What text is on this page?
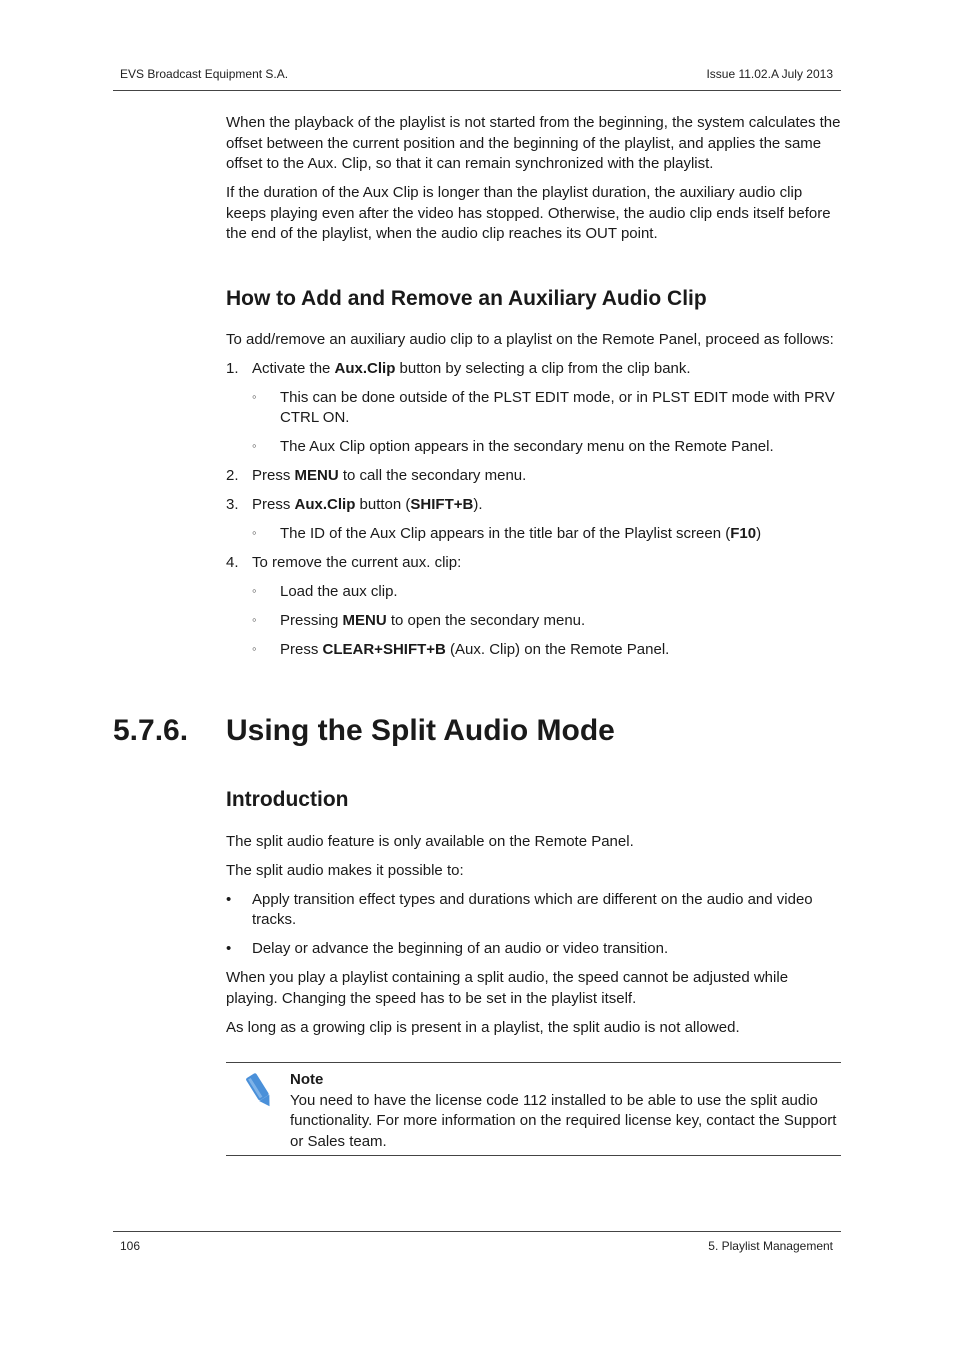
EVS Broadcast Equipment S.A.	Issue 11.02.A July 2013

When the playback of the playlist is not started from the beginning, the system calculates the offset between the current position and the beginning of the playlist, and applies the same offset to the Aux. Clip, so that it can remain synchronized with the playlist.

If the duration of the Aux Clip is longer than the playlist duration, the auxiliary audio clip keeps playing even after the video has stopped. Otherwise, the audio clip ends itself before the end of the playlist, when the audio clip reaches its OUT point.

How to Add and Remove an Auxiliary Audio Clip

To add/remove an auxiliary audio clip to a playlist on the Remote Panel, proceed as follows:

1. Activate the Aux.Clip button by selecting a clip from the clip bank.
◦ This can be done outside of the PLST EDIT mode, or in PLST EDIT mode with PRV CTRL ON.
◦ The Aux Clip option appears in the secondary menu on the Remote Panel.
2. Press MENU to call the secondary menu.
3. Press Aux.Clip button (SHIFT+B).
◦ The ID of the Aux Clip appears in the title bar of the Playlist screen (F10)
4. To remove the current aux. clip:
◦ Load the aux clip.
◦ Pressing MENU to open the secondary menu.
◦ Press CLEAR+SHIFT+B (Aux. Clip) on the Remote Panel.
5.7.6. Using the Split Audio Mode
Introduction

The split audio feature is only available on the Remote Panel.

The split audio makes it possible to:

• Apply transition effect types and durations which are different on the audio and video tracks.
• Delay or advance the beginning of an audio or video transition.

When you play a playlist containing a split audio, the speed cannot be adjusted while playing. Changing the speed has to be set in the playlist itself.

As long as a growing clip is present in a playlist, the split audio is not allowed.

Note
You need to have the license code 112 installed to be able to use the split audio functionality. For more information on the required license key, contact the Support or Sales team.
106	5. Playlist Management
